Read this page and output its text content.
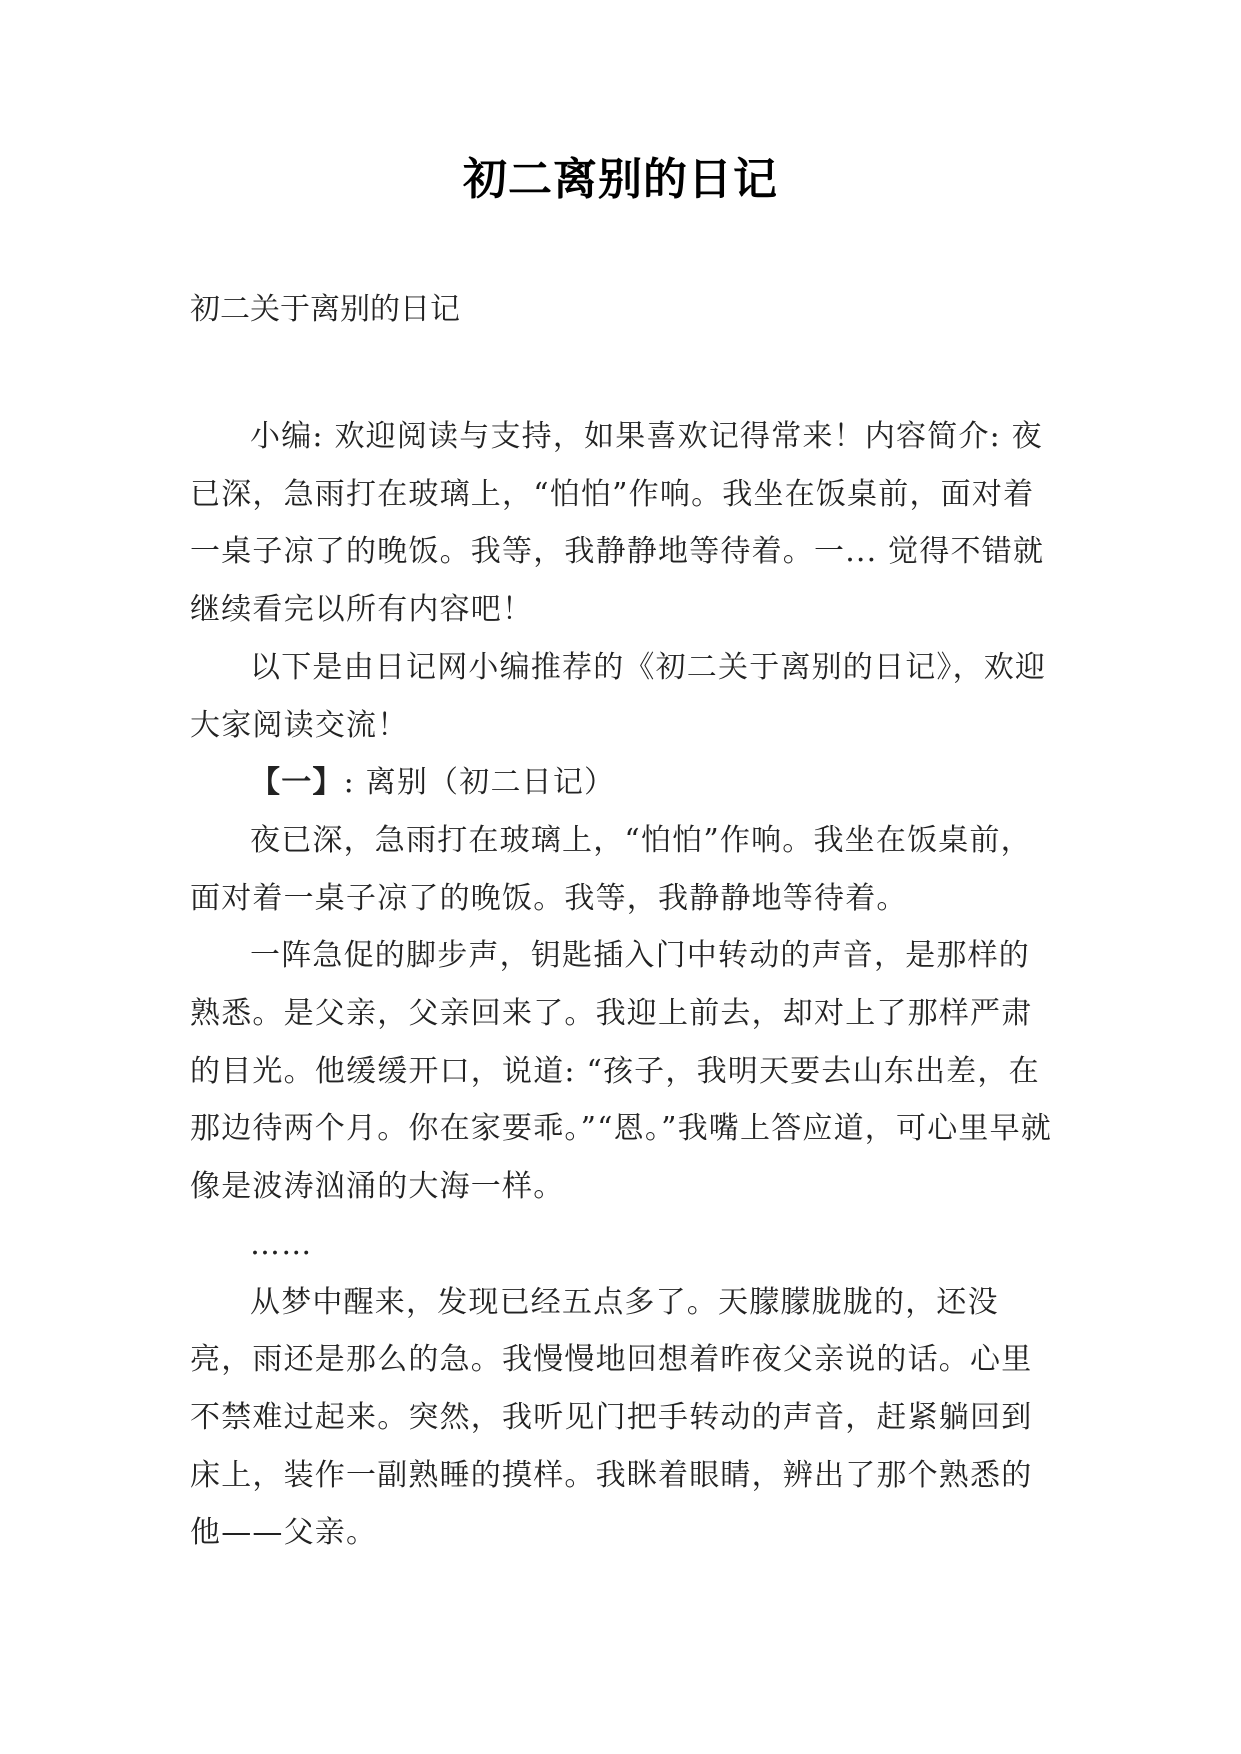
初二离别的日记

初二关于离别的日记

小编: 欢迎阅读与支持，如果喜欢记得常来！内容简介: 夜已深，急雨打在玻璃上，“怕怕”作响。我坐在饭桌前，面对着一桌子凉了的晚饭。我等，我静静地等待着。一... 觉得不错就继续看完以所有内容吧！

以下是由日记网小编推荐的《初二关于离别的日记》，欢迎大家阅读交流！

【一】: 离别（初二日记）

夜已深，急雨打在玻璃上，“怕怕”作响。我坐在饭桌前，面对着一桌子凉了的晚饭。我等，我静静地等待着。

一阵急促的脚步声，钥匙插入门中转动的声音，是那样的熟悉。是父亲，父亲回来了。我迎上前去，却对上了那样严肃的目光。他缓缓开口，说道: “孩子，我明天要去山东出差，在那边待两个月。你在家要乖。”“恩。”我嘴上答应道，可心里早就像是波涛汹涌的大海一样。

……

从梦中醒来，发现已经五点多了。天朦朦胧胧的，还没亮，雨还是那么的急。我慢慢地回想着昨夜父亲说的话。心里不禁难过起来。突然，我听见门把手转动的声音，赶紧躺回到床上，装作一副熟睡的摸样。我眯着眼睛，辨出了那个熟悉的他——父亲。
